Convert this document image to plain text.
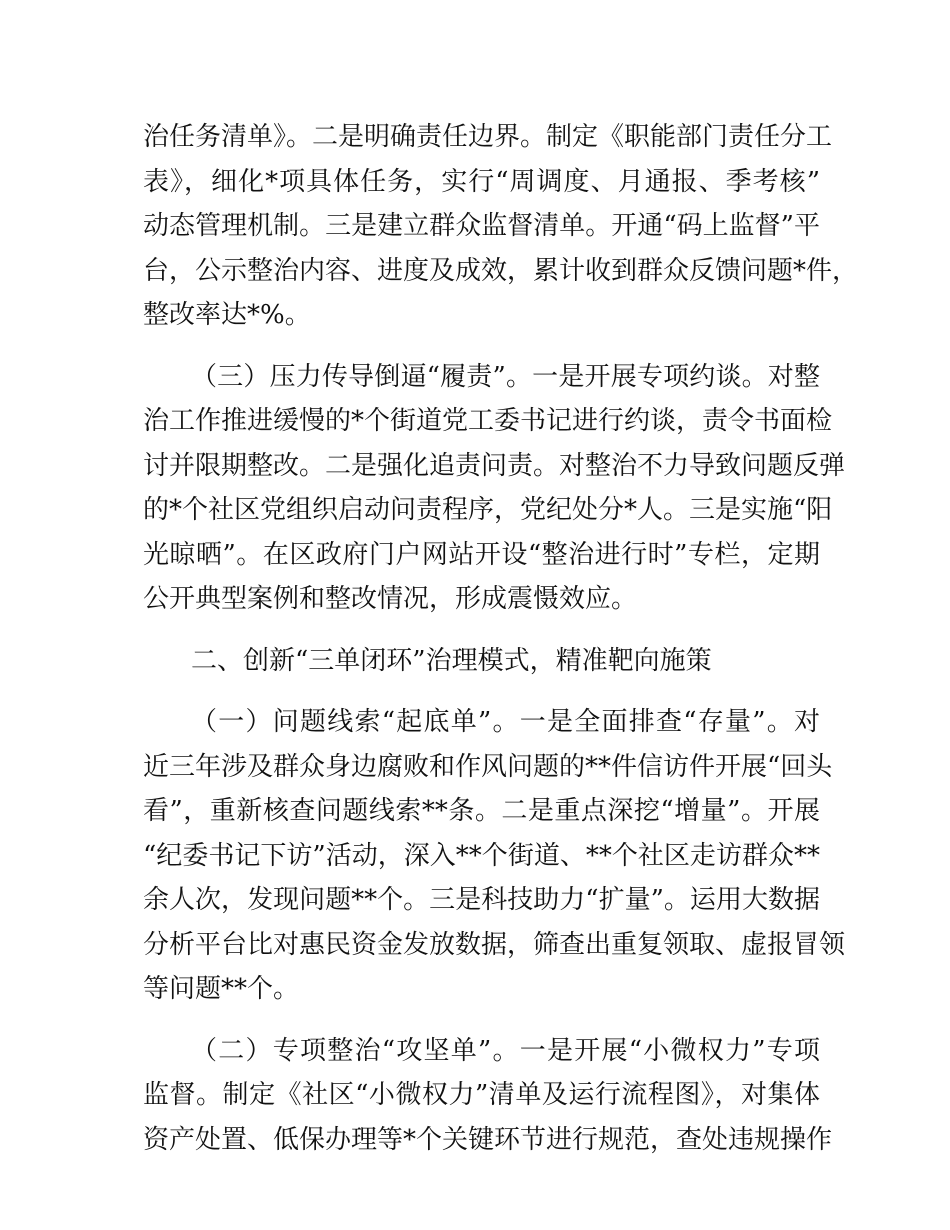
治任务清单》。二是明确责任边界。制定《职能部门责任分工
表》，细化*项具体任务，实行“周调度、月通报、季考核”
动态管理机制。三是建立群众监督清单。开通“码上监督”平
台，公示整治内容、进度及成效，累计收到群众反馈问题*件，
整改率达*%。
（三）压力传导倒逼“履责”。一是开展专项约谈。对整
治工作推进缓慢的*个街道党工委书记进行约谈，责令书面检
讨并限期整改。二是强化追责问责。对整治不力导致问题反弹
的*个社区党组织启动问责程序，党纪处分*人。三是实施“阳
光晾晒”。在区政府门户网站开设“整治进行时”专栏，定期
公开典型案例和整改情况，形成震慑效应。
二、创新“三单闭环”治理模式，精准靶向施策
（一）问题线索“起底单”。一是全面排查“存量”。对
近三年涉及群众身边腐败和作风问题的**件信访件开展“回头
看”，重新核查问题线索**条。二是重点深挖“增量”。开展
“纪委书记下访”活动，深入**个街道、**个社区走访群众**
余人次，发现问题**个。三是科技助力“扩量”。运用大数据
分析平台比对惠民资金发放数据，筛查出重复领取、虚报冒领
等问题**个。
（二）专项整治“攻坚单”。一是开展“小微权力”专项
监督。制定《社区“小微权力”清单及运行流程图》，对集体
资产处置、低保办理等*个关键环节进行规范，查处违规操作
